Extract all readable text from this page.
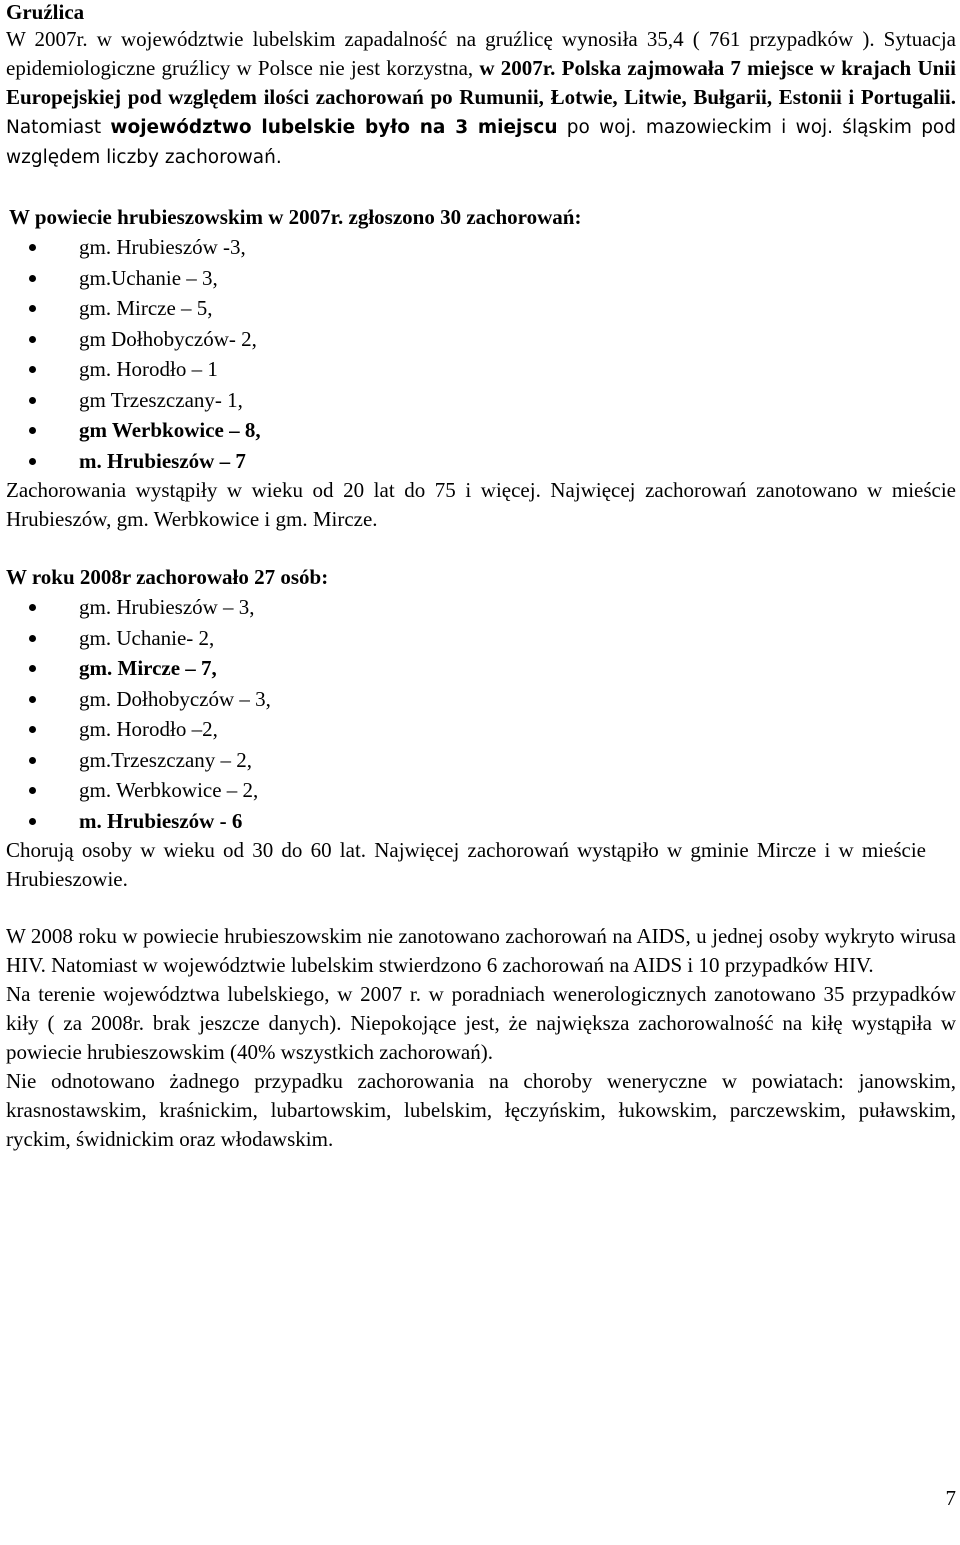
Gruźlica

W 2007r. w województwie lubelskim zapadalność na gruźlicę wynosiła 35,4 ( 761 przypadków ). Sytuacja epidemiologiczne gruźlicy w Polsce nie jest korzystna, w 2007r. Polska zajmowała 7 miejsce w krajach Unii Europejskiej pod względem ilości zachorowań po Rumunii, Łotwie, Litwie, Bułgarii, Estonii i Portugalii. Natomiast województwo lubelskie było na 3 miejscu po woj. mazowieckim i woj. śląskim pod względem liczby zachorowań.

W powiecie hrubieszowskim w 2007r. zgłoszono 30 zachorowań:

gm. Hrubieszów -3,
gm.Uchanie – 3,
gm. Mircze – 5,
gm Dołhobyczów- 2,
gm. Horodło – 1
gm Trzeszczany- 1,
gm Werbkowice – 8,
m. Hrubieszów – 7

Zachorowania wystąpiły w wieku od 20 lat do 75 i więcej. Najwięcej zachorowań zanotowano w mieście Hrubieszów, gm. Werbkowice i gm. Mircze.

W roku 2008r zachorowało 27 osób:

gm. Hrubieszów – 3,
gm. Uchanie- 2,
gm. Mircze – 7,
gm. Dołhobyczów – 3,
gm. Horodło –2,
gm.Trzeszczany – 2,
gm. Werbkowice – 2,
m. Hrubieszów - 6

Chorują osoby w wieku od 30 do 60 lat. Najwięcej zachorowań wystąpiło w gminie Mircze i w mieście Hrubieszowie.

W 2008 roku w powiecie hrubieszowskim nie zanotowano zachorowań na AIDS, u jednej osoby wykryto wirusa HIV. Natomiast w województwie lubelskim stwierdzono 6 zachorowań na AIDS i 10 przypadków HIV.

Na terenie województwa lubelskiego, w 2007 r. w poradniach wenerologicznych zanotowano 35 przypadków kiły ( za 2008r. brak jeszcze danych). Niepokojące jest, że największa zachorowalność na kiłę wystąpiła w powiecie hrubieszowskim (40% wszystkich zachorowań).

Nie odnotowano żadnego przypadku zachorowania na choroby weneryczne w powiatach: janowskim, krasnostawskim, kraśnickim, lubartowskim, lubelskim, łęczyńskim, łukowskim, parczewskim, puławskim, ryckim, świdnickim oraz włodawskim.

7
